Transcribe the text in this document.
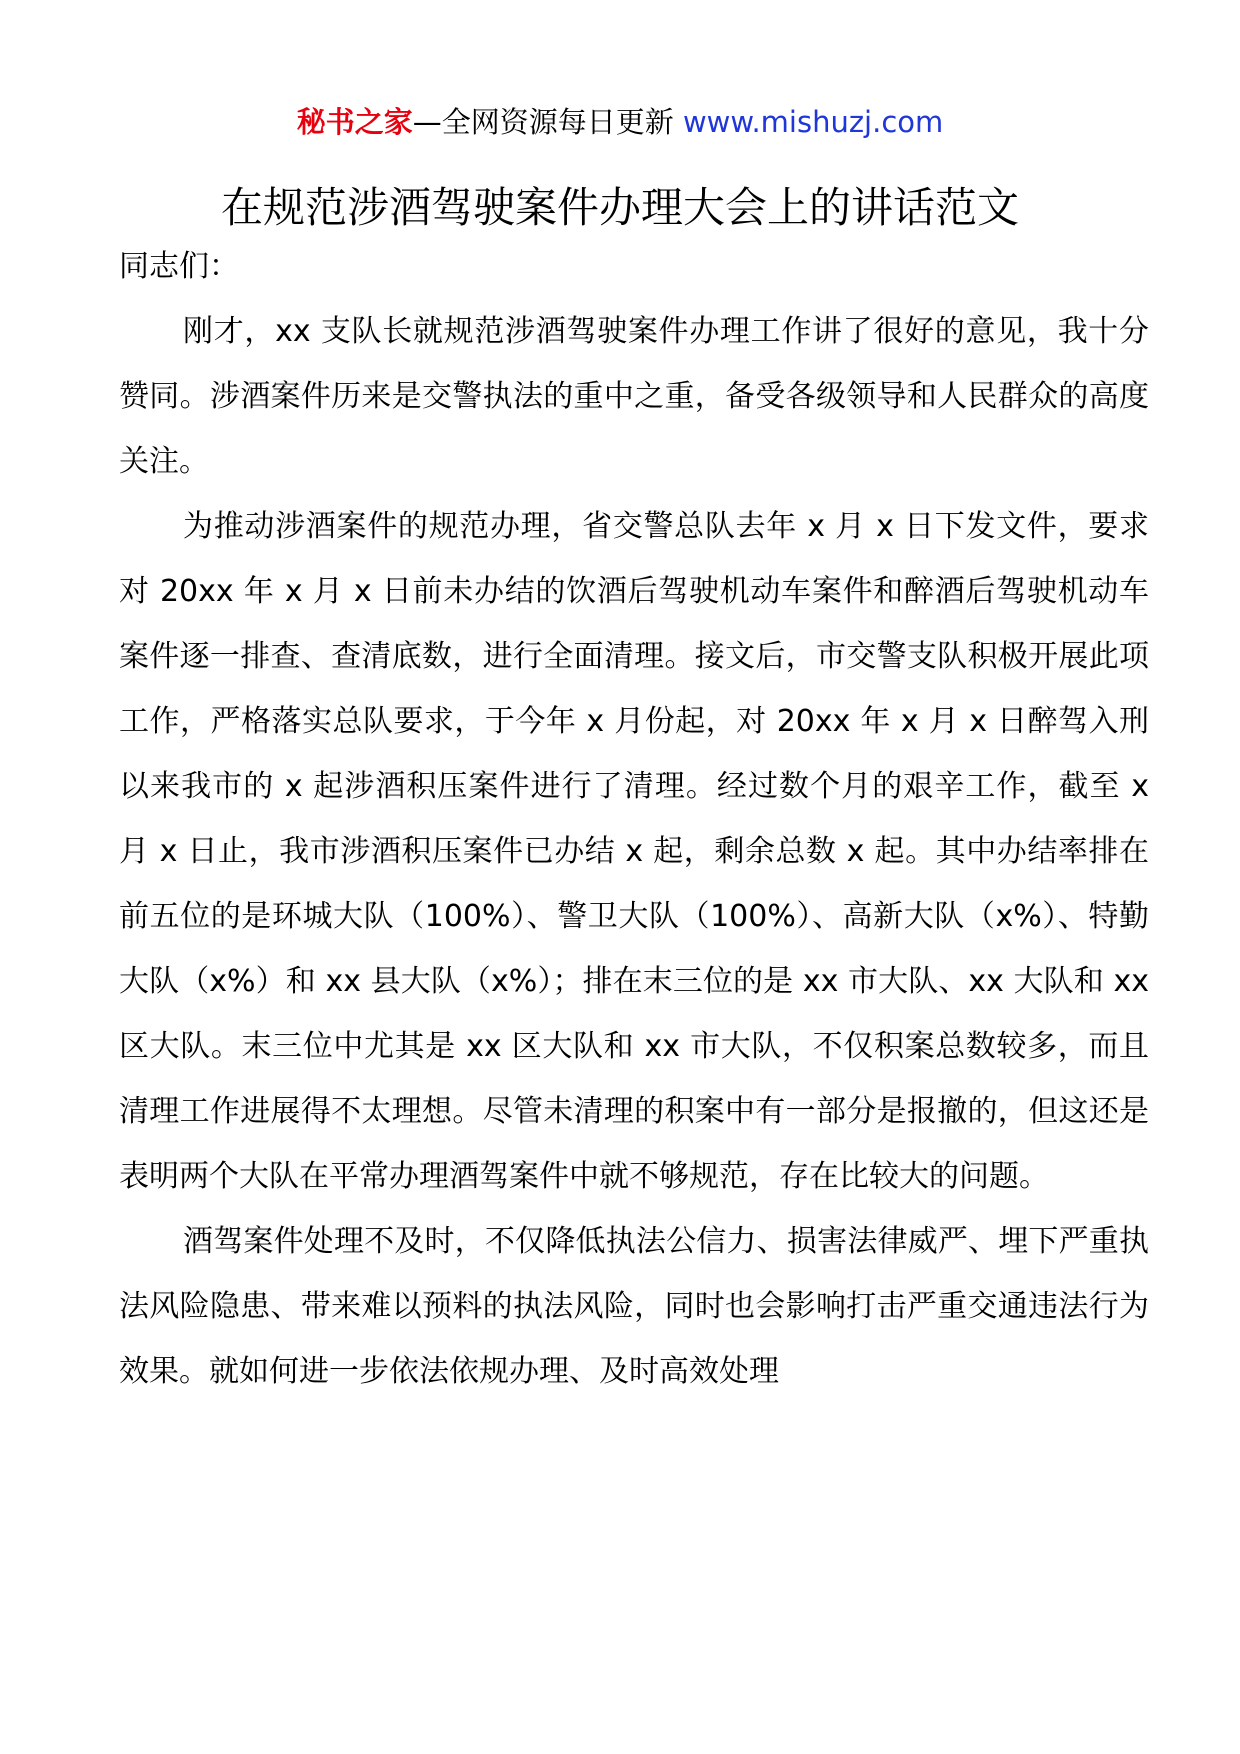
秘书之家—全网资源每日更新 www.mishuzj.com
在规范涉酒驾驶案件办理大会上的讲话范文

同志们：

刚才，xx 支队长就规范涉酒驾驶案件办理工作讲了很好的意见，我十分赞同。涉酒案件历来是交警执法的重中之重，备受各级领导和人民群众的高度关注。

为推动涉酒案件的规范办理，省交警总队去年 x 月 x 日下发文件，要求对 20xx 年 x 月 x 日前未办结的饮酒后驾驶机动车案件和醉酒后驾驶机动车案件逐一排查、查清底数，进行全面清理。接文后，市交警支队积极开展此项工作，严格落实总队要求，于今年 x 月份起，对 20xx 年 x 月 x 日醉驾入刑以来我市的 x 起涉酒积压案件进行了清理。经过数个月的艰辛工作，截至 x 月 x 日止，我市涉酒积压案件已办结 x 起，剩余总数 x 起。其中办结率排在前五位的是环城大队（100%）、警卫大队（100%）、高新大队（x%）、特勤大队（x%）和 xx 县大队（x%）；排在末三位的是 xx 市大队、xx 大队和 xx 区大队。末三位中尤其是 xx 区大队和 xx 市大队，不仅积案总数较多，而且清理工作进展得不太理想。尽管未清理的积案中有一部分是报撤的，但这还是表明两个大队在平常办理酒驾案件中就不够规范，存在比较大的问题。

酒驾案件处理不及时，不仅降低执法公信力、损害法律威严、埋下严重执法风险隐患、带来难以预料的执法风险，同时也会影响打击严重交通违法行为效果。就如何进一步依法依规办理、及时高效处理
